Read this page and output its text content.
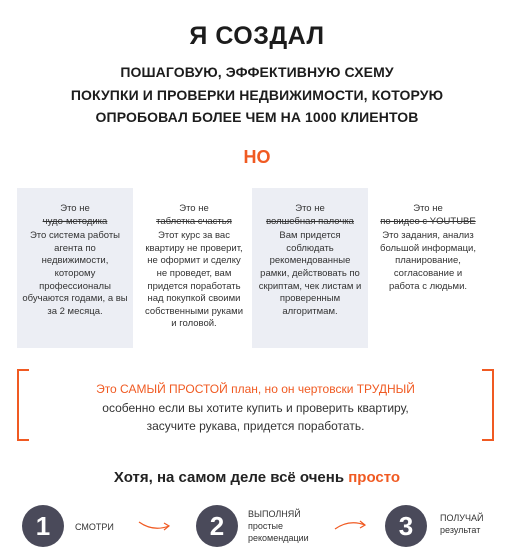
Я СОЗДАЛ
ПОШАГОВУЮ, ЭФФЕКТИВНУЮ СХЕМУ
ПОКУПКИ И ПРОВЕРКИ НЕДВИЖИМОСТИ, КОТОРУЮ
ОПРОБОВАЛ БОЛЕЕ ЧЕМ НА 1000 КЛИЕНТОВ
НО
Это не
чудо-методика
Это система работы
агента по недвижимости,
которому профессионалы
обучаются годами, а вы
за 2 месяца.
Это не
таблетка счастья
Этот курс за вас
квартиру не проверит,
не оформит и сделку
не проведет, вам
придется поработать
над покупкой своими
собственными руками
и головой.
Это не
волшебная палочка
Вам придется
соблюдать
рекомендованные
рамки, действовать по
скриптам, чек листам и
проверенным
алгоритмам.
Это не
по видео с YOUTUBE
Это задания, анализ
большой информаци,
планирование,
согласование и
работа с людьми.
Это САМЫЙ ПРОСТОЙ план, но он чертовски ТРУДНЫЙ
особенно если вы хотите купить и проверить квартиру,
засучите рукава, придется поработать.
Хотя, на самом деле всё очень просто
1	СМОТРИ	2	ВЫПОЛНЯЙ
простые
рекомендации	3	ПОЛУЧАЙ
результат
